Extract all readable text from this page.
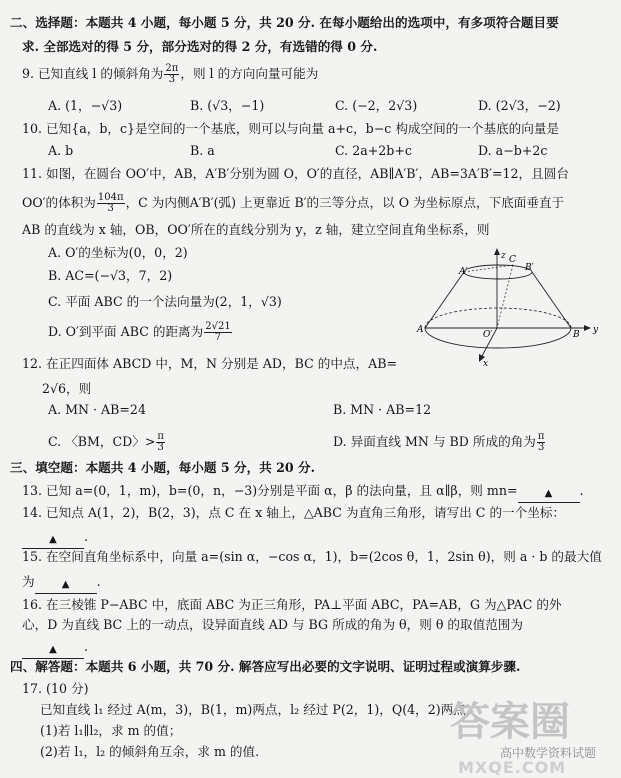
二、选择题：本题共 4 小题，每小题 5 分，共 20 分. 在每小题给出的选项中，有多项符合题目要
求. 全部选对的得 5 分，部分选对的得 2 分，有选错的得 0 分.
9. 已知直线 l 的倾斜角为 $\frac{2\pi}{3}$ ，则 l 的方向向量可能为
A. (1，−√3)	B. (√3，−1)	C. (−2，2√3)	D. (2√3，−2)
10. 已知{a，b，c}是空间的一个基底，则可以与向量 a+c，b−c 构成空间的一个基底的向量是
A. b	B. a	C. 2a+2b+c	D. a−b+2c
11. 如图，在圆台 OO′中，AB，A′B′分别为圆 O，O′的直径，AB∥A′B′，AB=3A′B′=12，且圆台
OO′的体积为 $\frac{104\pi}{3}$ ，C 为内侧A′B′(弧) 上更靠近 B′的三等分点，以 O 为坐标原点，下底面垂直于
AB 的直线为 x 轴，OB，OO′所在的直线分别为 y，z 轴，建立空间直角坐标系，则
A. O′的坐标为(0，0，2)
B. AC=(−√3，7，2)
C. 平面 ABC 的一个法向量为(2，1，√3)
D. O′到平面 ABC 的距离为 $\frac{2√21}{7}$
z
y
x
A′
C
B′
A	O′	B
12. 在正四面体 ABCD 中，M，N 分别是 AD，BC 的中点，AB=
2√6，则
A. MN · AB=24	B. MN · AB=12
C. 〈BM，CD〉> $\frac{\pi}{3}$	D. 异面直线 MN 与 BD 所成的角为 $\frac{\pi}{3}$
三、填空题：本题共 4 小题，每小题 5 分，共 20 分.
13. 已知 a=(0，1，m)，b=(0，n，−3)分别是平面 α，β 的法向量，且 α∥β，则 mn=	▲ .
14. 已知点 A(1，2)，B(2，3)，点 C 在 x 轴上，△ABC 为直角三角形，请写出 C 的一个坐标：
▲ .
15. 在空间直角坐标系中，向量 a=(sin α，−cos α，1)，b=(2cos θ，1，2sin θ)，则 a · b 的最大值
为	▲ .
16. 在三棱锥 P−ABC 中，底面 ABC 为正三角形，PA⊥平面 ABC，PA=AB，G 为△PAC 的外
心，D 为直线 BC 上的一动点，设异面直线 AD 与 BG 所成的角为 θ，则 θ 的取值范围为
▲ .
四、解答题：本题共 6 小题，共 70 分. 解答应写出必要的文字说明、证明过程或演算步骤.
17. (10 分)
已知直线 l₁ 经过 A(m，3)，B(1，m)两点，l₂ 经过 P(2，1)，Q(4，2)两点.
(1)若 l₁∥l₂，求 m 的值；
(2)若 l₁，l₂ 的倾斜角互余，求 m 的值.
答案圈
高中数学资料试题
MXQE.COM
